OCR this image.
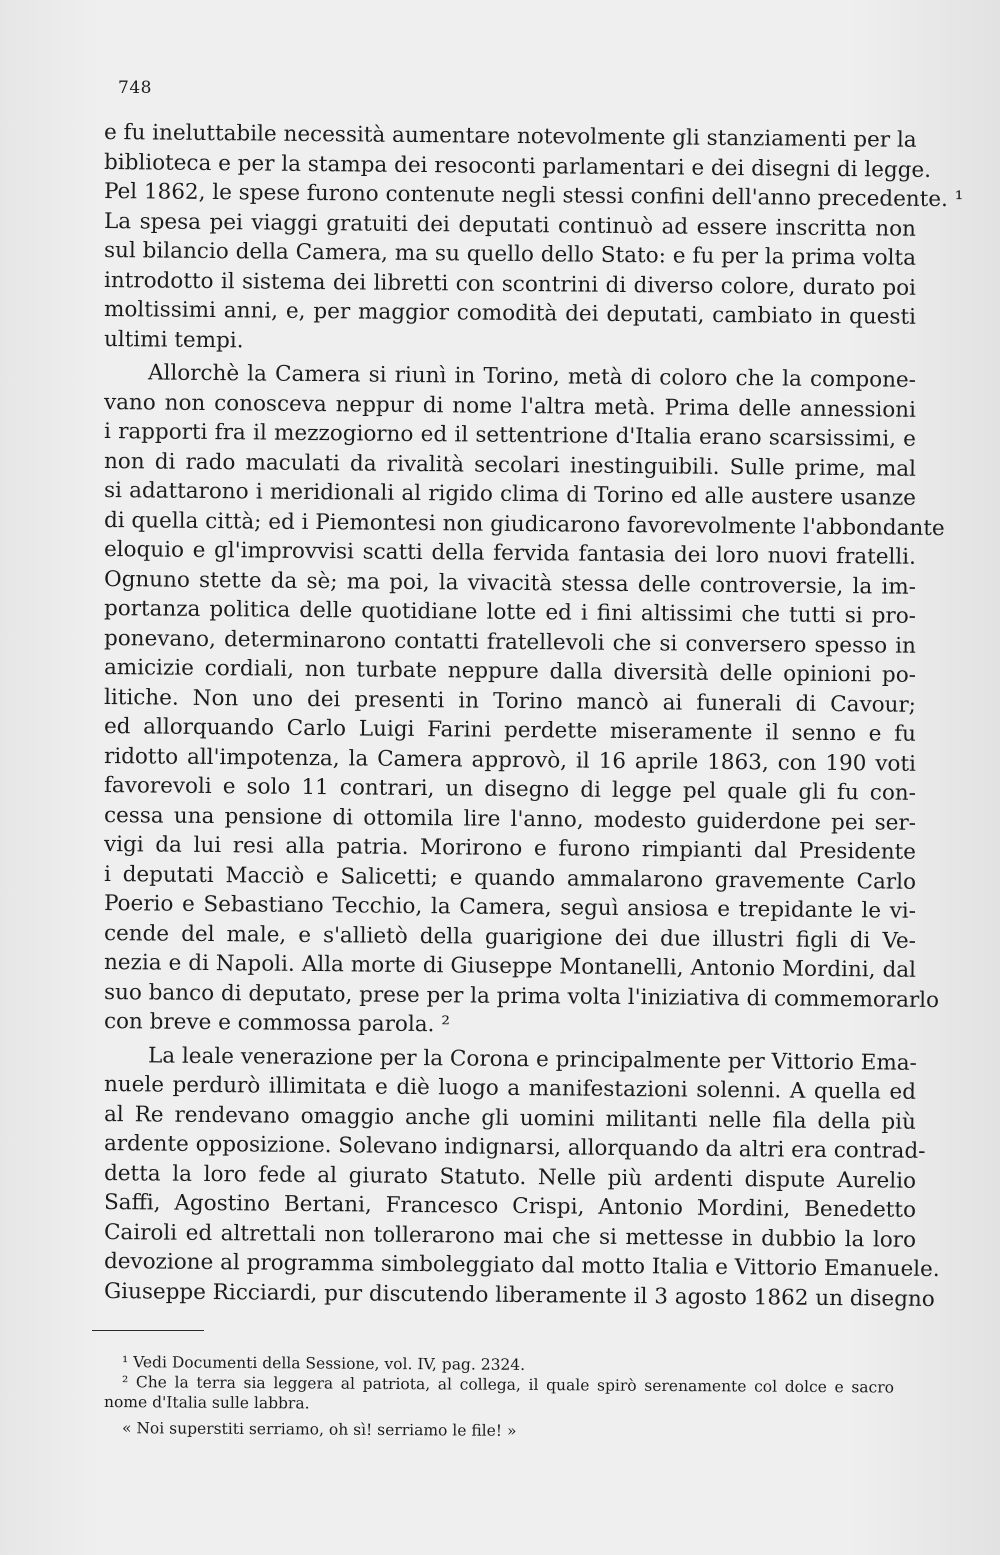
748
e fu ineluttabile necessità aumentare notevolmente gli stanziamenti per la
biblioteca e per la stampa dei resoconti parlamentari e dei disegni di legge.
Pel 1862, le spese furono contenute negli stessi confini dell'anno precedente. ¹
La spesa pei viaggi gratuiti dei deputati continuò ad essere inscritta non
sul bilancio della Camera, ma su quello dello Stato: e fu per la prima volta
introdotto il sistema dei libretti con scontrini di diverso colore, durato poi
moltissimi anni, e, per maggior comodità dei deputati, cambiato in questi
ultimi tempi.
Allorchè la Camera si riunì in Torino, metà di coloro che la compone-
vano non conosceva neppur di nome l'altra metà. Prima delle annessioni
i rapporti fra il mezzogiorno ed il settentrione d'Italia erano scarsissimi, e
non di rado maculati da rivalità secolari inestinguibili. Sulle prime, mal
si adattarono i meridionali al rigido clima di Torino ed alle austere usanze
di quella città; ed i Piemontesi non giudicarono favorevolmente l'abbondante
eloquio e gl'improvvisi scatti della fervida fantasia dei loro nuovi fratelli.
Ognuno stette da sè; ma poi, la vivacità stessa delle controversie, la im-
portanza politica delle quotidiane lotte ed i fini altissimi che tutti si pro-
ponevano, determinarono contatti fratellevoli che si conversero spesso in
amicizie cordiali, non turbate neppure dalla diversità delle opinioni po-
litiche. Non uno dei presenti in Torino mancò ai funerali di Cavour;
ed allorquando Carlo Luigi Farini perdette miseramente il senno e fu
ridotto all'impotenza, la Camera approvò, il 16 aprile 1863, con 190 voti
favorevoli e solo 11 contrari, un disegno di legge pel quale gli fu con-
cessa una pensione di ottomila lire l'anno, modesto guiderdone pei ser-
vigi da lui resi alla patria. Morirono e furono rimpianti dal Presidente
i deputati Macciò e Salicetti; e quando ammalarono gravemente Carlo
Poerio e Sebastiano Tecchio, la Camera, seguì ansiosa e trepidante le vi-
cende del male, e s'allietò della guarigione dei due illustri figli di Ve-
nezia e di Napoli. Alla morte di Giuseppe Montanelli, Antonio Mordini, dal
suo banco di deputato, prese per la prima volta l'iniziativa di commemorarlo
con breve e commossa parola. ²
La leale venerazione per la Corona e principalmente per Vittorio Ema-
nuele perdurò illimitata e diè luogo a manifestazioni solenni. A quella ed
al Re rendevano omaggio anche gli uomini militanti nelle fila della più
ardente opposizione. Solevano indignarsi, allorquando da altri era contrad-
detta la loro fede al giurato Statuto. Nelle più ardenti dispute Aurelio
Saffi, Agostino Bertani, Francesco Crispi, Antonio Mordini, Benedetto
Cairoli ed altrettali non tollerarono mai che si mettesse in dubbio la loro
devozione al programma simboleggiato dal motto Italia e Vittorio Emanuele.
Giuseppe Ricciardi, pur discutendo liberamente il 3 agosto 1862 un disegno
¹ Vedi Documenti della Sessione, vol. IV, pag. 2324.
² Che la terra sia leggera al patriota, al collega, il quale spirò serenamente col dolce e sacro
nome d'Italia sulle labbra.
« Noi superstiti serriamo, oh sì! serriamo le file! »
